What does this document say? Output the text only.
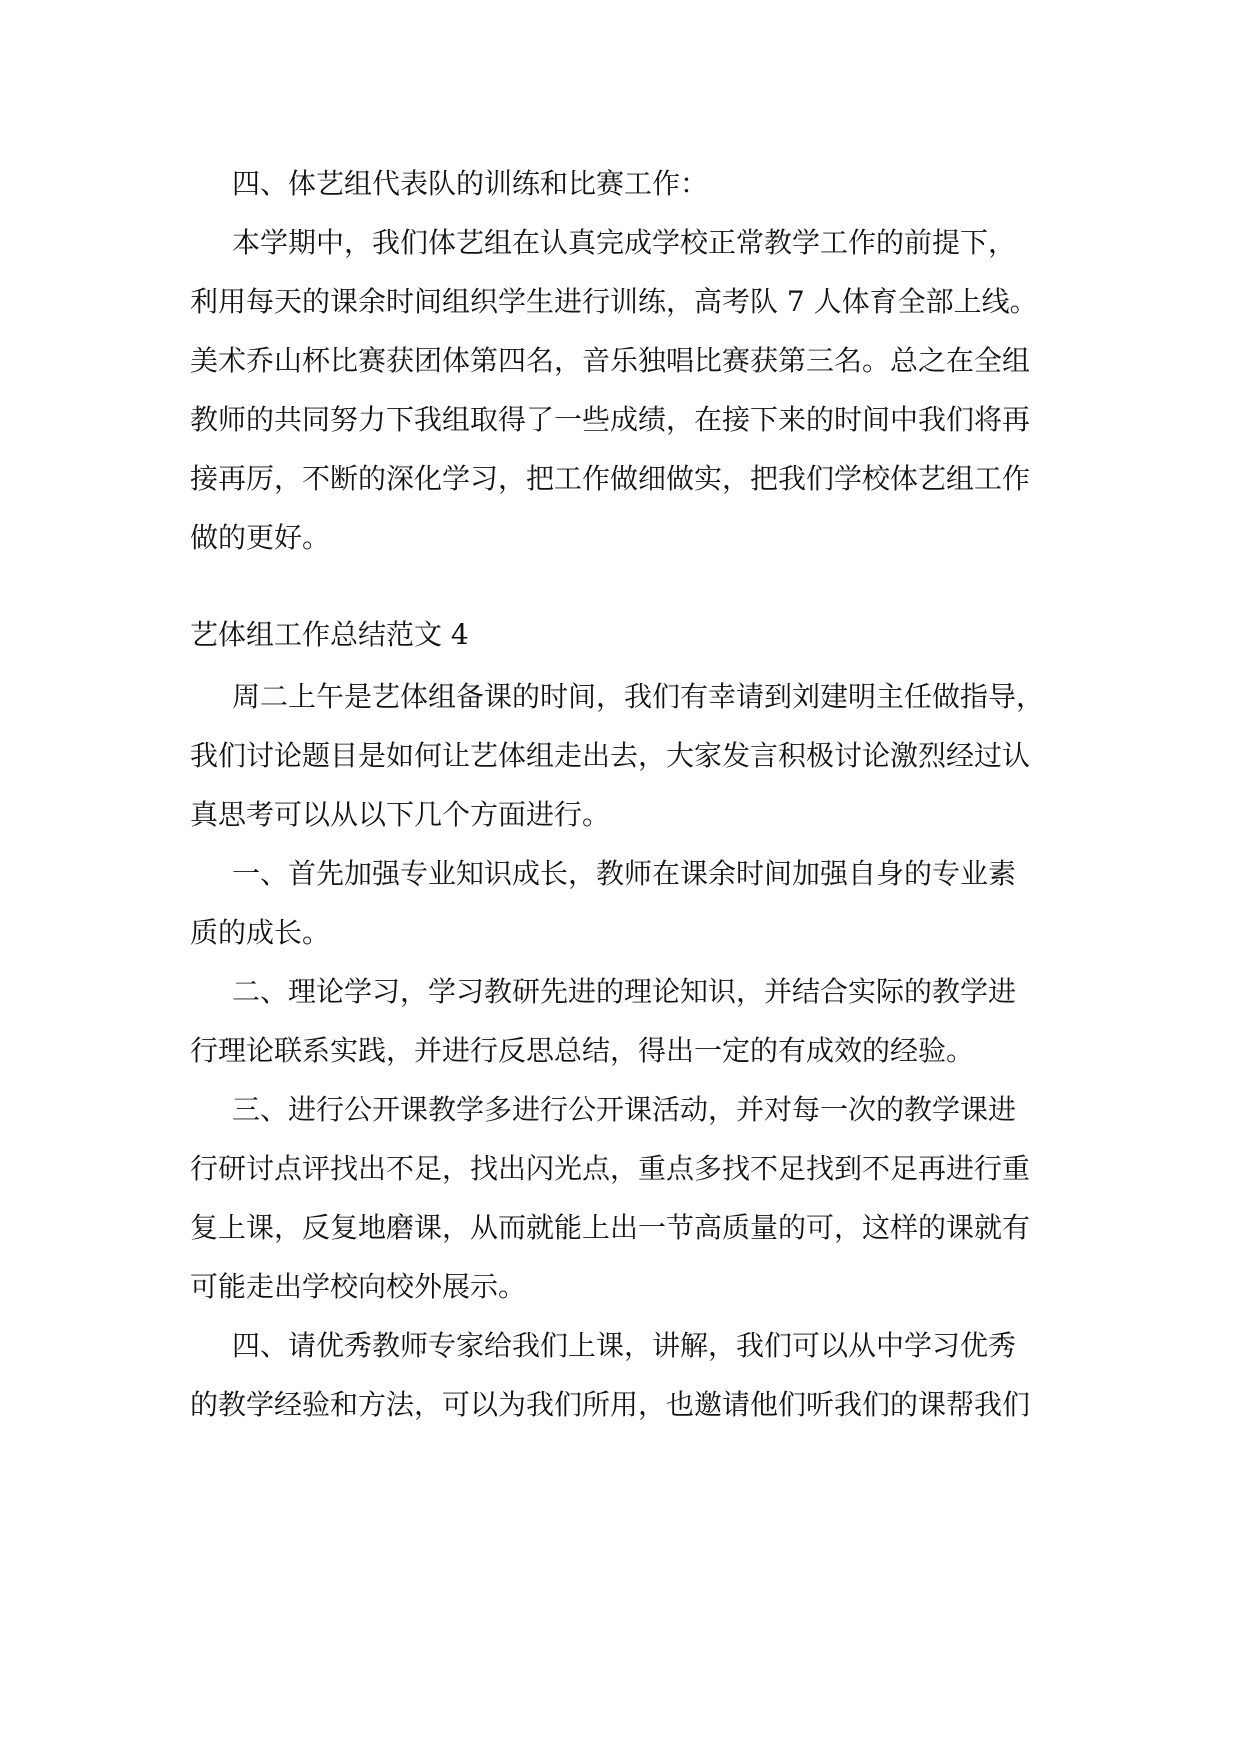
四、体艺组代表队的训练和比赛工作：
本学期中，我们体艺组在认真完成学校正常教学工作的前提下，
利用每天的课余时间组织学生进行训练，高考队 7 人体育全部上线。
美术乔山杯比赛获团体第四名，音乐独唱比赛获第三名。总之在全组
教师的共同努力下我组取得了一些成绩，在接下来的时间中我们将再
接再厉，不断的深化学习，把工作做细做实，把我们学校体艺组工作
做的更好。
艺体组工作总结范文 4
周二上午是艺体组备课的时间，我们有幸请到刘建明主任做指导，
我们讨论题目是如何让艺体组走出去，大家发言积极讨论激烈经过认
真思考可以从以下几个方面进行。
一、首先加强专业知识成长，教师在课余时间加强自身的专业素
质的成长。
二、理论学习，学习教研先进的理论知识，并结合实际的教学进
行理论联系实践，并进行反思总结，得出一定的有成效的经验。
三、进行公开课教学多进行公开课活动，并对每一次的教学课进
行研讨点评找出不足，找出闪光点，重点多找不足找到不足再进行重
复上课，反复地磨课，从而就能上出一节高质量的可，这样的课就有
可能走出学校向校外展示。
四、请优秀教师专家给我们上课，讲解，我们可以从中学习优秀
的教学经验和方法，可以为我们所用，也邀请他们听我们的课帮我们
